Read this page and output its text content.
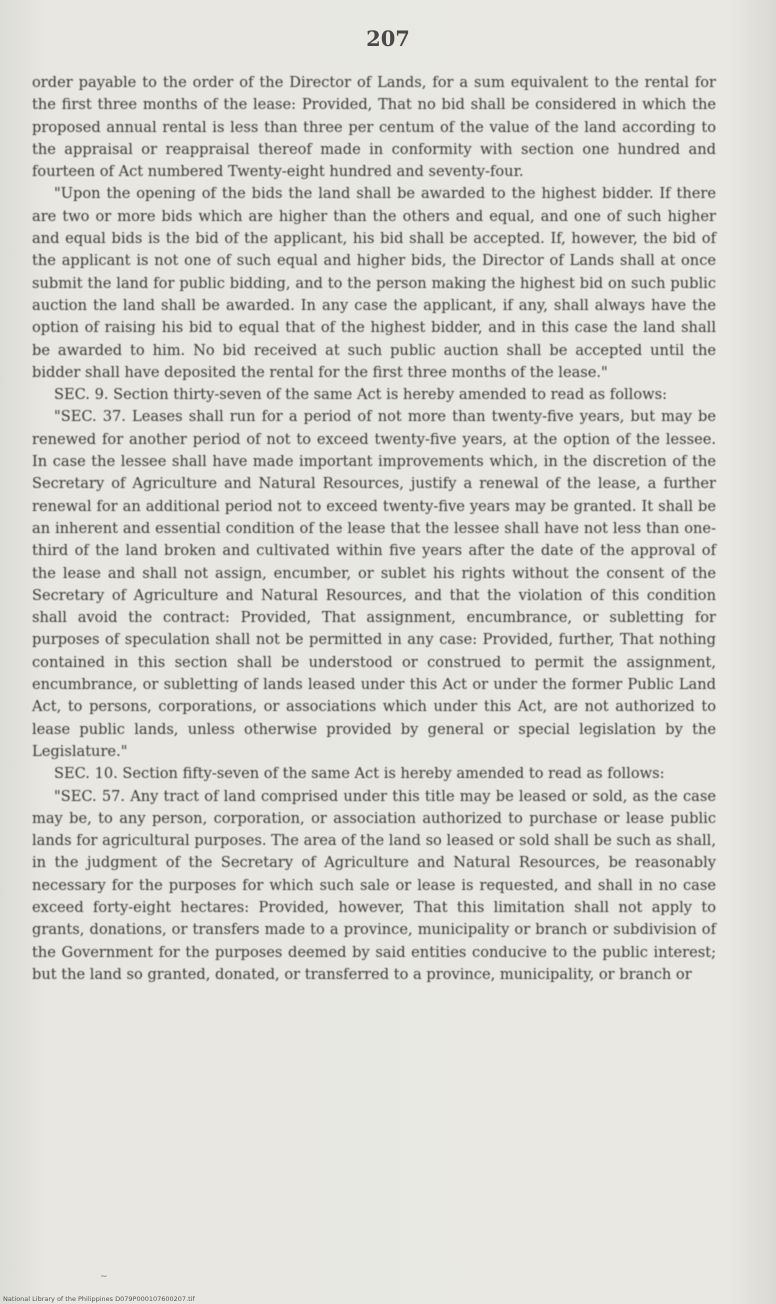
207

order payable to the order of the Director of Lands, for a sum equivalent to the rental for the first three months of the lease: Provided, That no bid shall be considered in which the proposed annual rental is less than three per centum of the value of the land according to the appraisal or reappraisal thereof made in conformity with section one hundred and fourteen of Act numbered Twenty-eight hundred and seventy-four.

"Upon the opening of the bids the land shall be awarded to the highest bidder. If there are two or more bids which are higher than the others and equal, and one of such higher and equal bids is the bid of the applicant, his bid shall be accepted. If, however, the bid of the applicant is not one of such equal and higher bids, the Director of Lands shall at once submit the land for public bidding, and to the person making the highest bid on such public auction the land shall be awarded. In any case the applicant, if any, shall always have the option of raising his bid to equal that of the highest bidder, and in this case the land shall be awarded to him. No bid received at such public auction shall be accepted until the bidder shall have deposited the rental for the first three months of the lease."

SEC. 9. Section thirty-seven of the same Act is hereby amended to read as follows:

"SEC. 37. Leases shall run for a period of not more than twenty-five years, but may be renewed for another period of not to exceed twenty-five years, at the option of the lessee. In case the lessee shall have made important improvements which, in the discretion of the Secretary of Agriculture and Natural Resources, justify a renewal of the lease, a further renewal for an additional period not to exceed twenty-five years may be granted. It shall be an inherent and essential condition of the lease that the lessee shall have not less than one-third of the land broken and cultivated within five years after the date of the approval of the lease and shall not assign, encumber, or sublet his rights without the consent of the Secretary of Agriculture and Natural Resources, and that the violation of this condition shall avoid the contract: Provided, That assignment, encumbrance, or subletting for purposes of speculation shall not be permitted in any case: Provided, further, That nothing contained in this section shall be understood or construed to permit the assignment, encumbrance, or subletting of lands leased under this Act or under the former Public Land Act, to persons, corporations, or associations which under this Act, are not authorized to lease public lands, unless otherwise provided by general or special legislation by the Legislature."

SEC. 10. Section fifty-seven of the same Act is hereby amended to read as follows:

"SEC. 57. Any tract of land comprised under this title may be leased or sold, as the case may be, to any person, corporation, or association authorized to purchase or lease public lands for agricultural purposes. The area of the land so leased or sold shall be such as shall, in the judgment of the Secretary of Agriculture and Natural Resources, be reasonably necessary for the purposes for which such sale or lease is requested, and shall in no case exceed forty-eight hectares: Provided, however, That this limitation shall not apply to grants, donations, or transfers made to a province, municipality or branch or subdivision of the Government for the purposes deemed by said entities conducive to the public interest; but the land so granted, donated, or transferred to a province, municipality, or branch or

~
National Library of the Philippines D079P000107600207.tif
